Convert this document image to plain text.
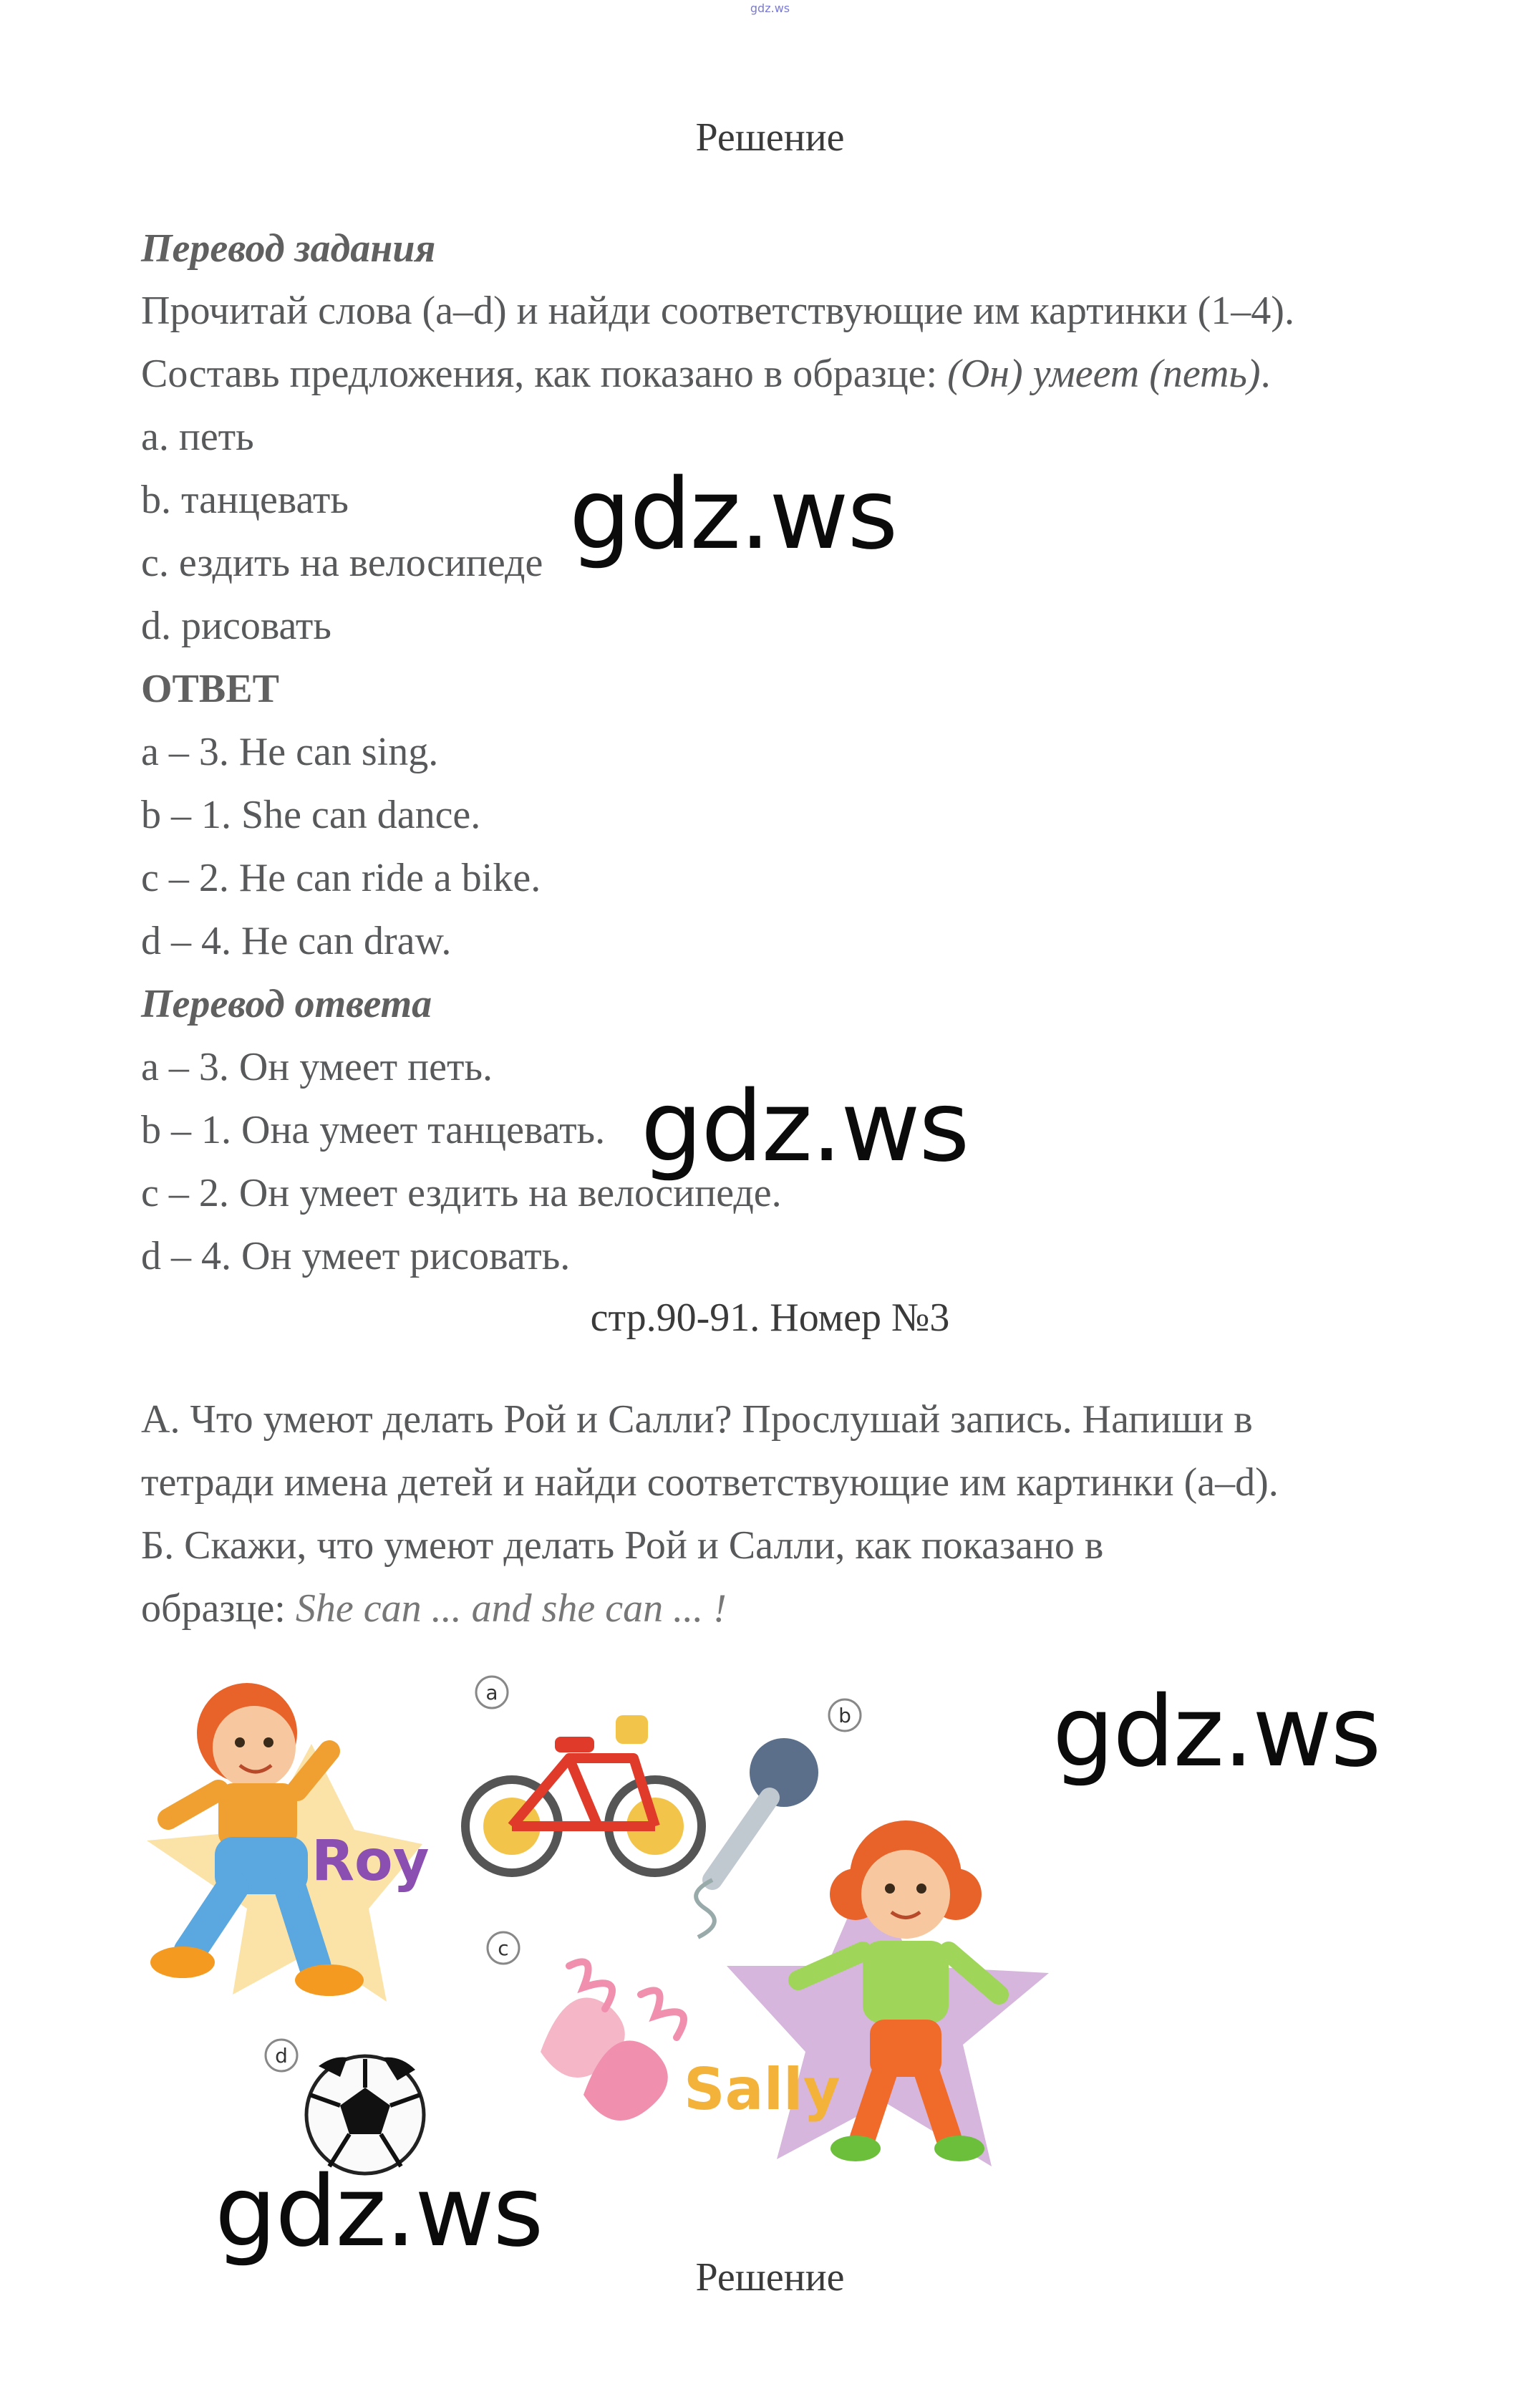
gdz.ws
Решение
Перевод задания
Прочитай слова (a–d) и найди соответствующие им картинки (1–4).
Составь предложения, как показано в образце: (Он) умеет (петь).
a. петь
b. танцевать
c. ездить на велосипеде
d. рисовать
ОТВЕТ
a – 3. He can sing.
b – 1. She can dance.
c – 2. He can ride a bike.
d – 4. He can draw.
Перевод ответа
a – 3. Он умеет петь.
b – 1. Она умеет танцевать.
c – 2. Он умеет ездить на велосипеде.
d – 4. Он умеет рисовать.
стр.90-91. Номер №3
А. Что умеют делать Рой и Салли? Прослушай запись. Напиши в
тетради имена детей и найди соответствующие им картинки (a–d).
Б. Скажи, что умеют делать Рой и Салли, как показано в
образце: She can ... and she can ... !
Roy
a
b
c
d
Sally
Решение
gdz.ws
gdz.ws
gdz.ws
gdz.ws
